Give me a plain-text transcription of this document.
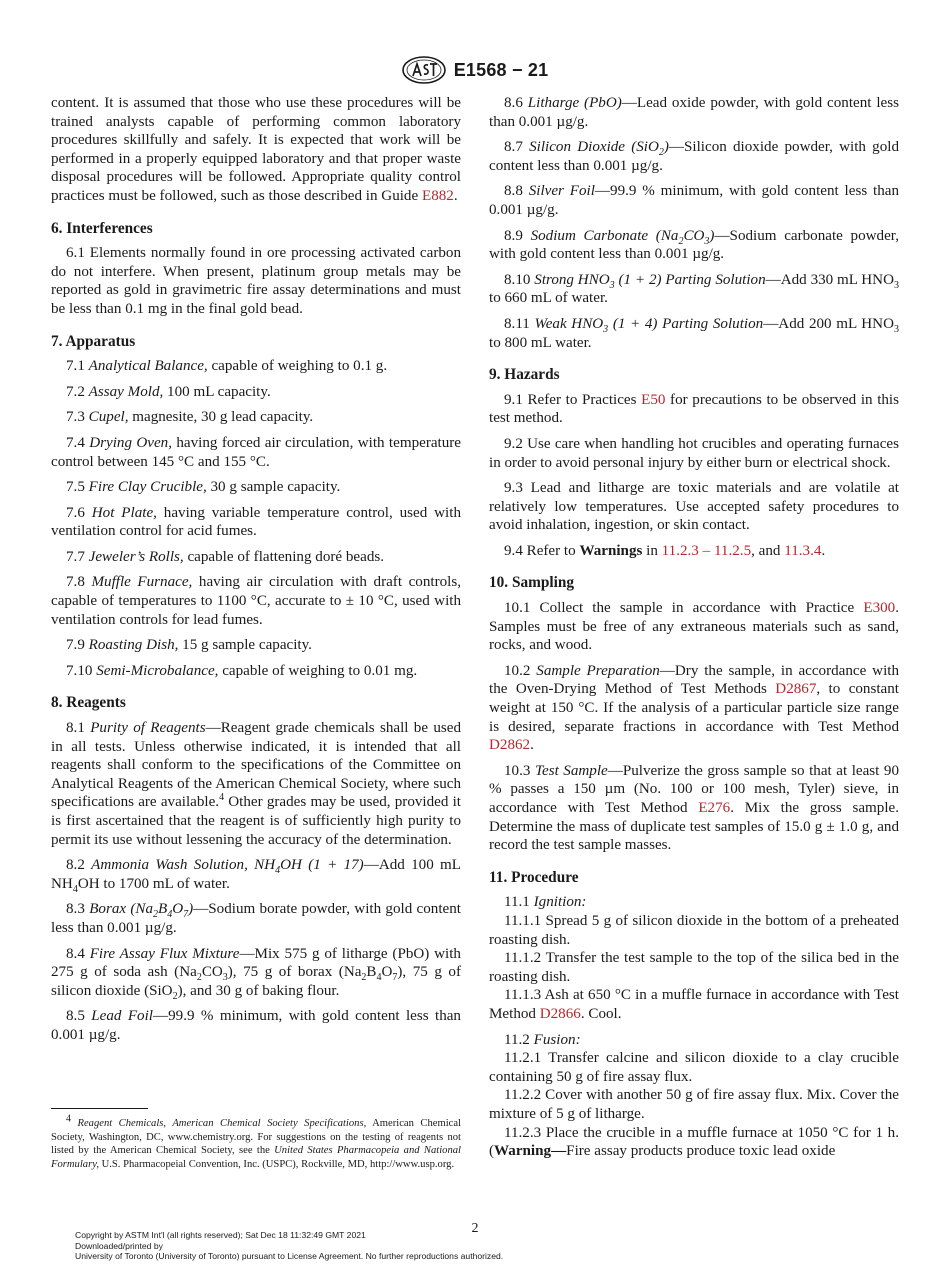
E1568 − 21

content. It is assumed that those who use these procedures will be trained analysts capable of performing common laboratory procedures skillfully and safely. It is expected that work will be performed in a properly equipped laboratory and that proper waste disposal procedures will be followed. Appropriate quality control practices must be followed, such as those described in Guide E882.

6. Interferences

6.1 Elements normally found in ore processing activated carbon do not interfere. When present, platinum group metals may be reported as gold in gravimetric fire assay determinations and must be less than 0.1 mg in the final gold bead.

7. Apparatus

7.1 Analytical Balance, capable of weighing to 0.1 g.

7.2 Assay Mold, 100 mL capacity.

7.3 Cupel, magnesite, 30 g lead capacity.

7.4 Drying Oven, having forced air circulation, with temperature control between 145 °C and 155 °C.

7.5 Fire Clay Crucible, 30 g sample capacity.

7.6 Hot Plate, having variable temperature control, used with ventilation control for acid fumes.

7.7 Jeweler’s Rolls, capable of flattening doré beads.

7.8 Muffle Furnace, having air circulation with draft controls, capable of temperatures to 1100 °C, accurate to ± 10 °C, used with ventilation controls for lead fumes.

7.9 Roasting Dish, 15 g sample capacity.

7.10 Semi-Microbalance, capable of weighing to 0.01 mg.

8. Reagents

8.1 Purity of Reagents—Reagent grade chemicals shall be used in all tests. Unless otherwise indicated, it is intended that all reagents shall conform to the specifications of the Committee on Analytical Reagents of the American Chemical Society, where such specifications are available.$^4$ Other grades may be used, provided it is first ascertained that the reagent is of sufficiently high purity to permit its use without lessening the accuracy of the determination.

8.2 Ammonia Wash Solution, $NH_4OH$ (1 + 17)—Add 100 mL $NH_4OH$ to 1700 mL of water.

8.3 Borax $(Na_2B_4O_7)—Sodium$ borate powder, with gold content less than 0.001 µg/g.

8.4 Fire Assay Flux Mixture—Mix 575 g of litharge (PbO) with 275 g of soda ash $(Na_2CO_3)$, 75 g of borax $(Na_2B_4O_7)$, 75 g of silicon dioxide (SiO$_2$), and 30 g of baking flour.

8.5 Lead Foil—99.9 % minimum, with gold content less than 0.001 µg/g.

$^4$ Reagent Chemicals, American Chemical Society Specifications, American Chemical Society, Washington, DC, www.chemistry.org. For suggestions on the testing of reagents not listed by the American Chemical Society, see the United States Pharmacopeia and National Formulary, U.S. Pharmacopeial Convention, Inc. (USPC), Rockville, MD, http://www.usp.org.

8.6 Litharge (PbO)—Lead oxide powder, with gold content less than 0.001 µg/g.

8.7 Silicon Dioxide (SiO$_2$)—Silicon dioxide powder, with gold content less than 0.001 µg/g.

8.8 Silver Foil—99.9 % minimum, with gold content less than 0.001 µg/g.

8.9 Sodium Carbonate $(Na_2CO_3)—Sodium$ carbonate powder, with gold content less than 0.001 µg/g.

8.10 Strong $HNO_3$ (1 + 2) Parting Solution—Add 330 mL $HNO_3$ to 660 mL of water.

8.11 Weak $HNO_3$ (1 + 4) Parting Solution—Add 200 mL $HNO_3$ to 800 mL water.

9. Hazards

9.1 Refer to Practices E50 for precautions to be observed in this test method.

9.2 Use care when handling hot crucibles and operating furnaces in order to avoid personal injury by either burn or electrical shock.

9.3 Lead and litharge are toxic materials and are volatile at relatively low temperatures. Use accepted safety procedures to avoid inhalation, ingestion, or skin contact.

9.4 Refer to Warnings in 11.2.3 – 11.2.5, and 11.3.4.

10. Sampling

10.1 Collect the sample in accordance with Practice E300. Samples must be free of any extraneous materials such as sand, rocks, and wood.

10.2 Sample Preparation—Dry the sample, in accordance with the Oven-Drying Method of Test Methods D2867, to constant weight at 150 °C. If the analysis of a particular particle size range is desired, separate fractions in accordance with Test Method D2862.

10.3 Test Sample—Pulverize the gross sample so that at least 90 % passes a 150 µm (No. 100 or 100 mesh, Tyler) sieve, in accordance with Test Method E276. Mix the gross sample. Determine the mass of duplicate test samples of 15.0 g ± 1.0 g, and record the test sample masses.

11. Procedure

11.1 Ignition:

11.1.1 Spread 5 g of silicon dioxide in the bottom of a preheated roasting dish.

11.1.2 Transfer the test sample to the top of the silica bed in the roasting dish.

11.1.3 Ash at 650 °C in a muffle furnace in accordance with Test Method D2866. Cool.

11.2 Fusion:

11.2.1 Transfer calcine and silicon dioxide to a clay crucible containing 50 g of fire assay flux.

11.2.2 Cover with another 50 g of fire assay flux. Mix. Cover the mixture of 5 g of litharge.

11.2.3 Place the crucible in a muffle furnace at 1050 °C for 1 h. (Warning—Fire assay products produce toxic lead oxide

2
Copyright by ASTM Int'l (all rights reserved); Sat Dec 18 11:32:49 GMT 2021
Downloaded/printed by
University of Toronto (University of Toronto) pursuant to License Agreement. No further reproductions authorized.
